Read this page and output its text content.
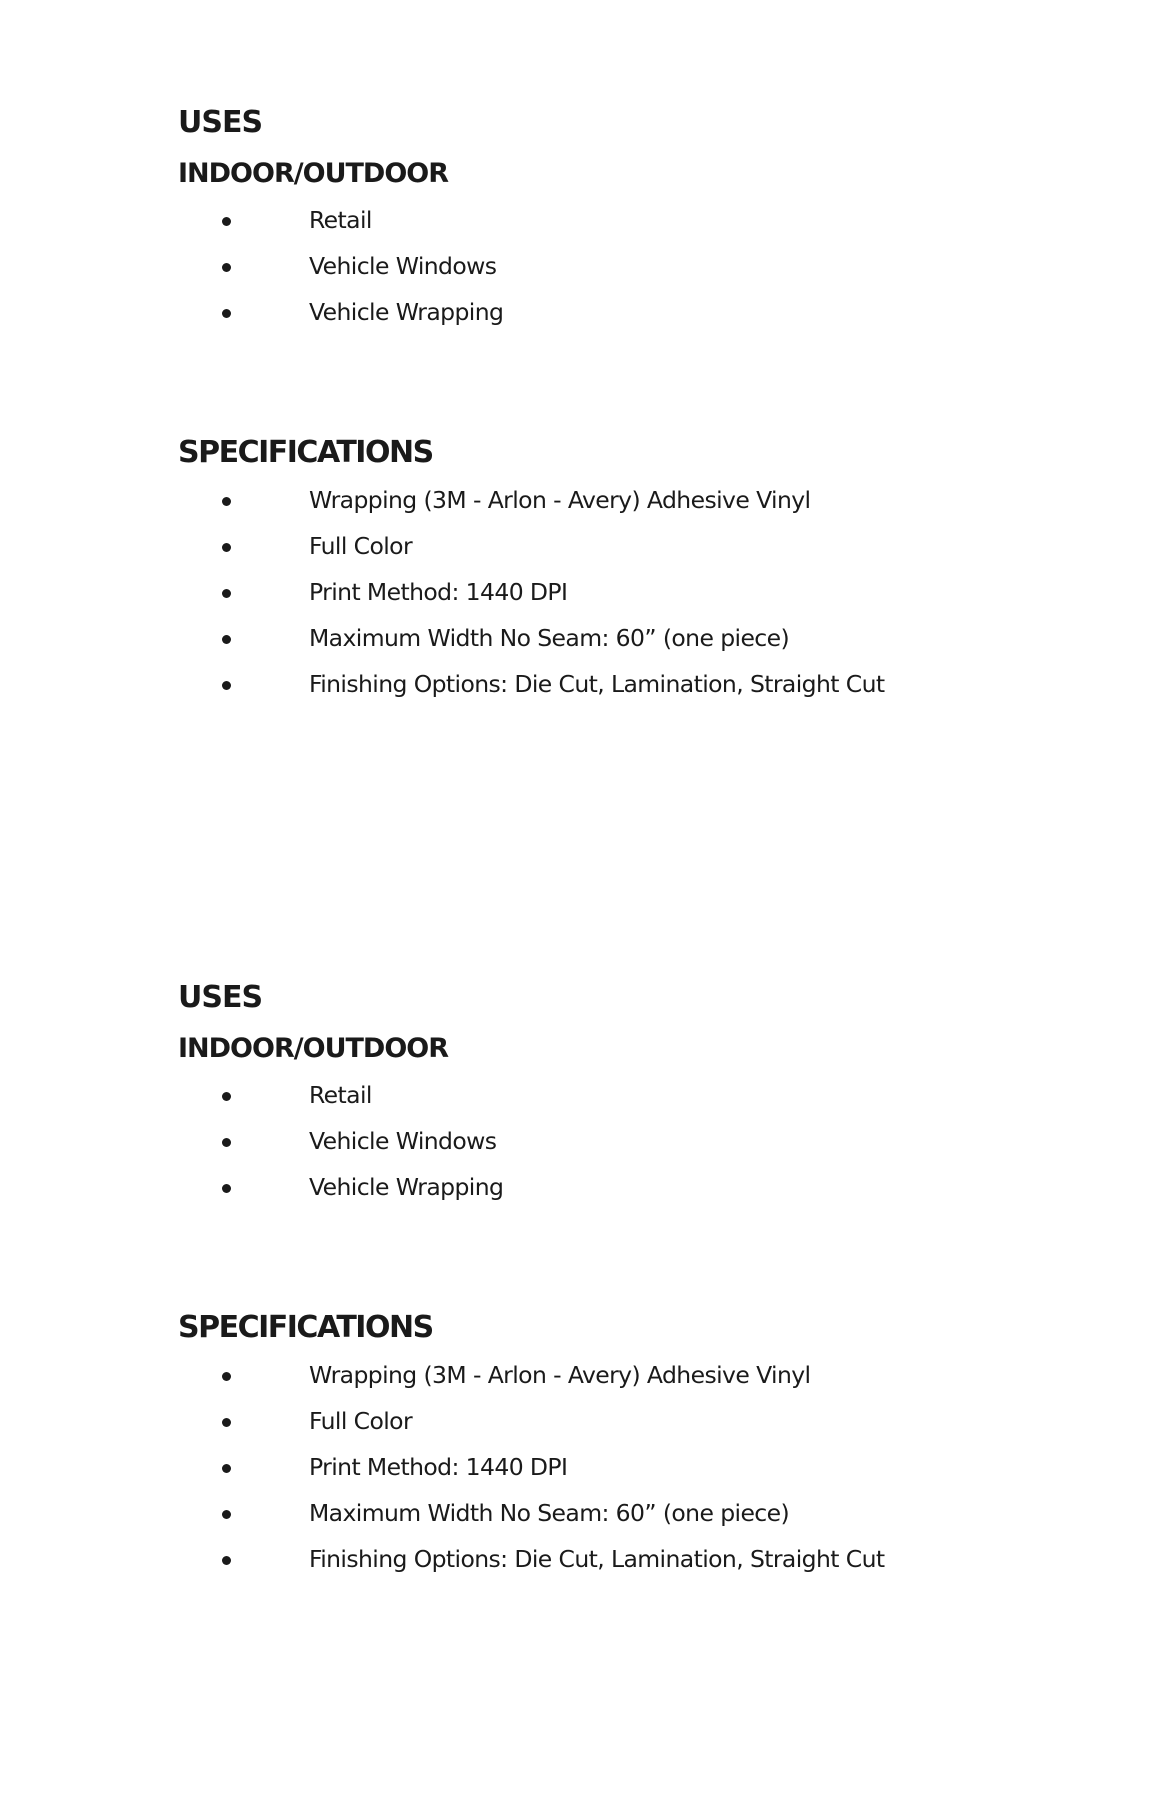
USES
INDOOR/OUTDOOR
Retail
Vehicle Windows
Vehicle Wrapping
SPECIFICATIONS
Wrapping (3M - Arlon - Avery) Adhesive Vinyl
Full Color
Print Method: 1440 DPI
Maximum Width No Seam: 60” (one piece)
Finishing Options: Die Cut, Lamination, Straight Cut
USES
INDOOR/OUTDOOR
Retail
Vehicle Windows
Vehicle Wrapping
SPECIFICATIONS
Wrapping (3M - Arlon - Avery) Adhesive Vinyl
Full Color
Print Method: 1440 DPI
Maximum Width No Seam: 60” (one piece)
Finishing Options: Die Cut, Lamination, Straight Cut
